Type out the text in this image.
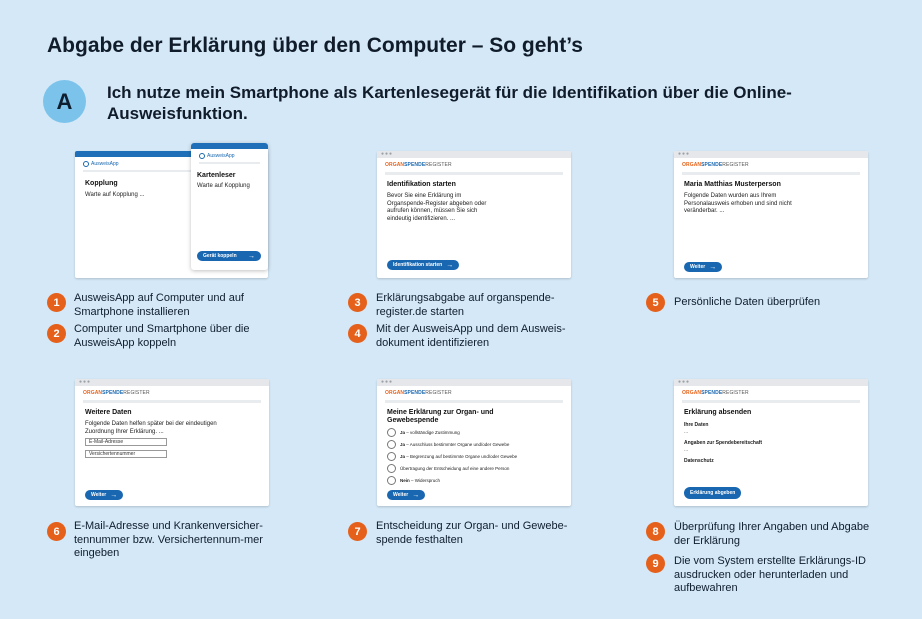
Abgabe der Erklärung über den Computer – So geht’s
A	Ich nutze mein Smartphone als Kartenlesegerät für die Identifikation über die Online-Ausweisfunktion.
AusweisApp
Kopplung
Warte auf Kopplung ...
AusweisApp
Kartenleser
Warte auf Kopplung
Gerät koppeln →
●●●
ORGANSPENDEREGISTER
Identifikation starten
Bevor Sie eine Erklärung im Organspende-Register abgeben oder aufrufen können, müssen Sie sich eindeutig identifizieren. ...
Identifikation starten →
●●●
ORGANSPENDEREGISTER
Maria Matthias Musterperson
Folgende Daten wurden aus Ihrem Personalausweis erhoben und sind nicht veränderbar. ...
Weiter →
●●●
ORGANSPENDEREGISTER
Weitere Daten
Folgende Daten helfen später bei der eindeutigen Zuordnung Ihrer Erklärung. ...
E-Mail-Adresse
Versichertennummer
Weiter →
●●●
ORGANSPENDEREGISTER
Meine Erklärung zur Organ- und Gewebespende
Ja – vollständige Zustimmung
Ja – Ausschluss bestimmter Organe und/oder Gewebe
Ja – Begrenzung auf bestimmte Organe und/oder Gewebe
Übertragung der Entscheidung auf eine andere Person
Nein – Widerspruch
Weiter →
●●●
ORGANSPENDEREGISTER
Erklärung absenden
Ihre Daten
...
Angaben zur Spendebereitschaft
...
Datenschutz
Erklärung abgeben
1	AusweisApp auf Computer und auf Smartphone installieren
2	Computer und Smartphone über die AusweisApp koppeln
3	Erklärungsabgabe auf organspende-register.de starten
4	Mit der AusweisApp und dem Ausweis-dokument identifizieren
5	Persönliche Daten überprüfen
6	E-Mail-Adresse und Krankenversicher-tennummer bzw. Versichertennum-mer eingeben
7	Entscheidung zur Organ- und Gewebe-spende festhalten
8	Überprüfung Ihrer Angaben und Abgabe der Erklärung
9	Die vom System erstellte Erklärungs-ID ausdrucken oder herunterladen und aufbewahren
